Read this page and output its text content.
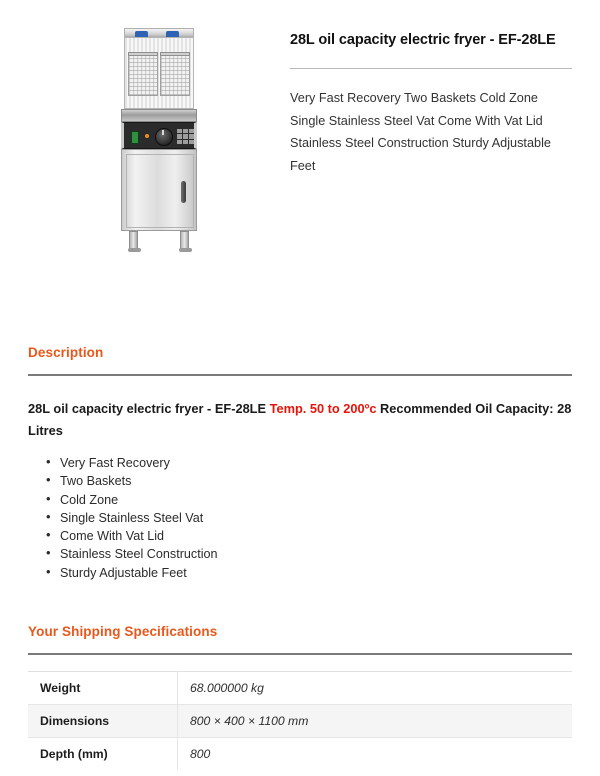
28L oil capacity electric fryer - EF-28LE

Very Fast Recovery Two Baskets Cold Zone Single Stainless Steel Vat Come With Vat Lid Stainless Steel Construction Sturdy Adjustable Feet

Description

28L oil capacity electric fryer - EF-28LE Temp. 50 to 200ºc Recommended Oil Capacity: 28 Litres

• Very Fast Recovery
• Two Baskets
• Cold Zone
• Single Stainless Steel Vat
• Come With Vat Lid
• Stainless Steel Construction
• Sturdy Adjustable Feet
Your Shipping Specifications
Weight	68.000000 kg
Dimensions	800 × 400 × 1100 mm
Depth (mm)	800
